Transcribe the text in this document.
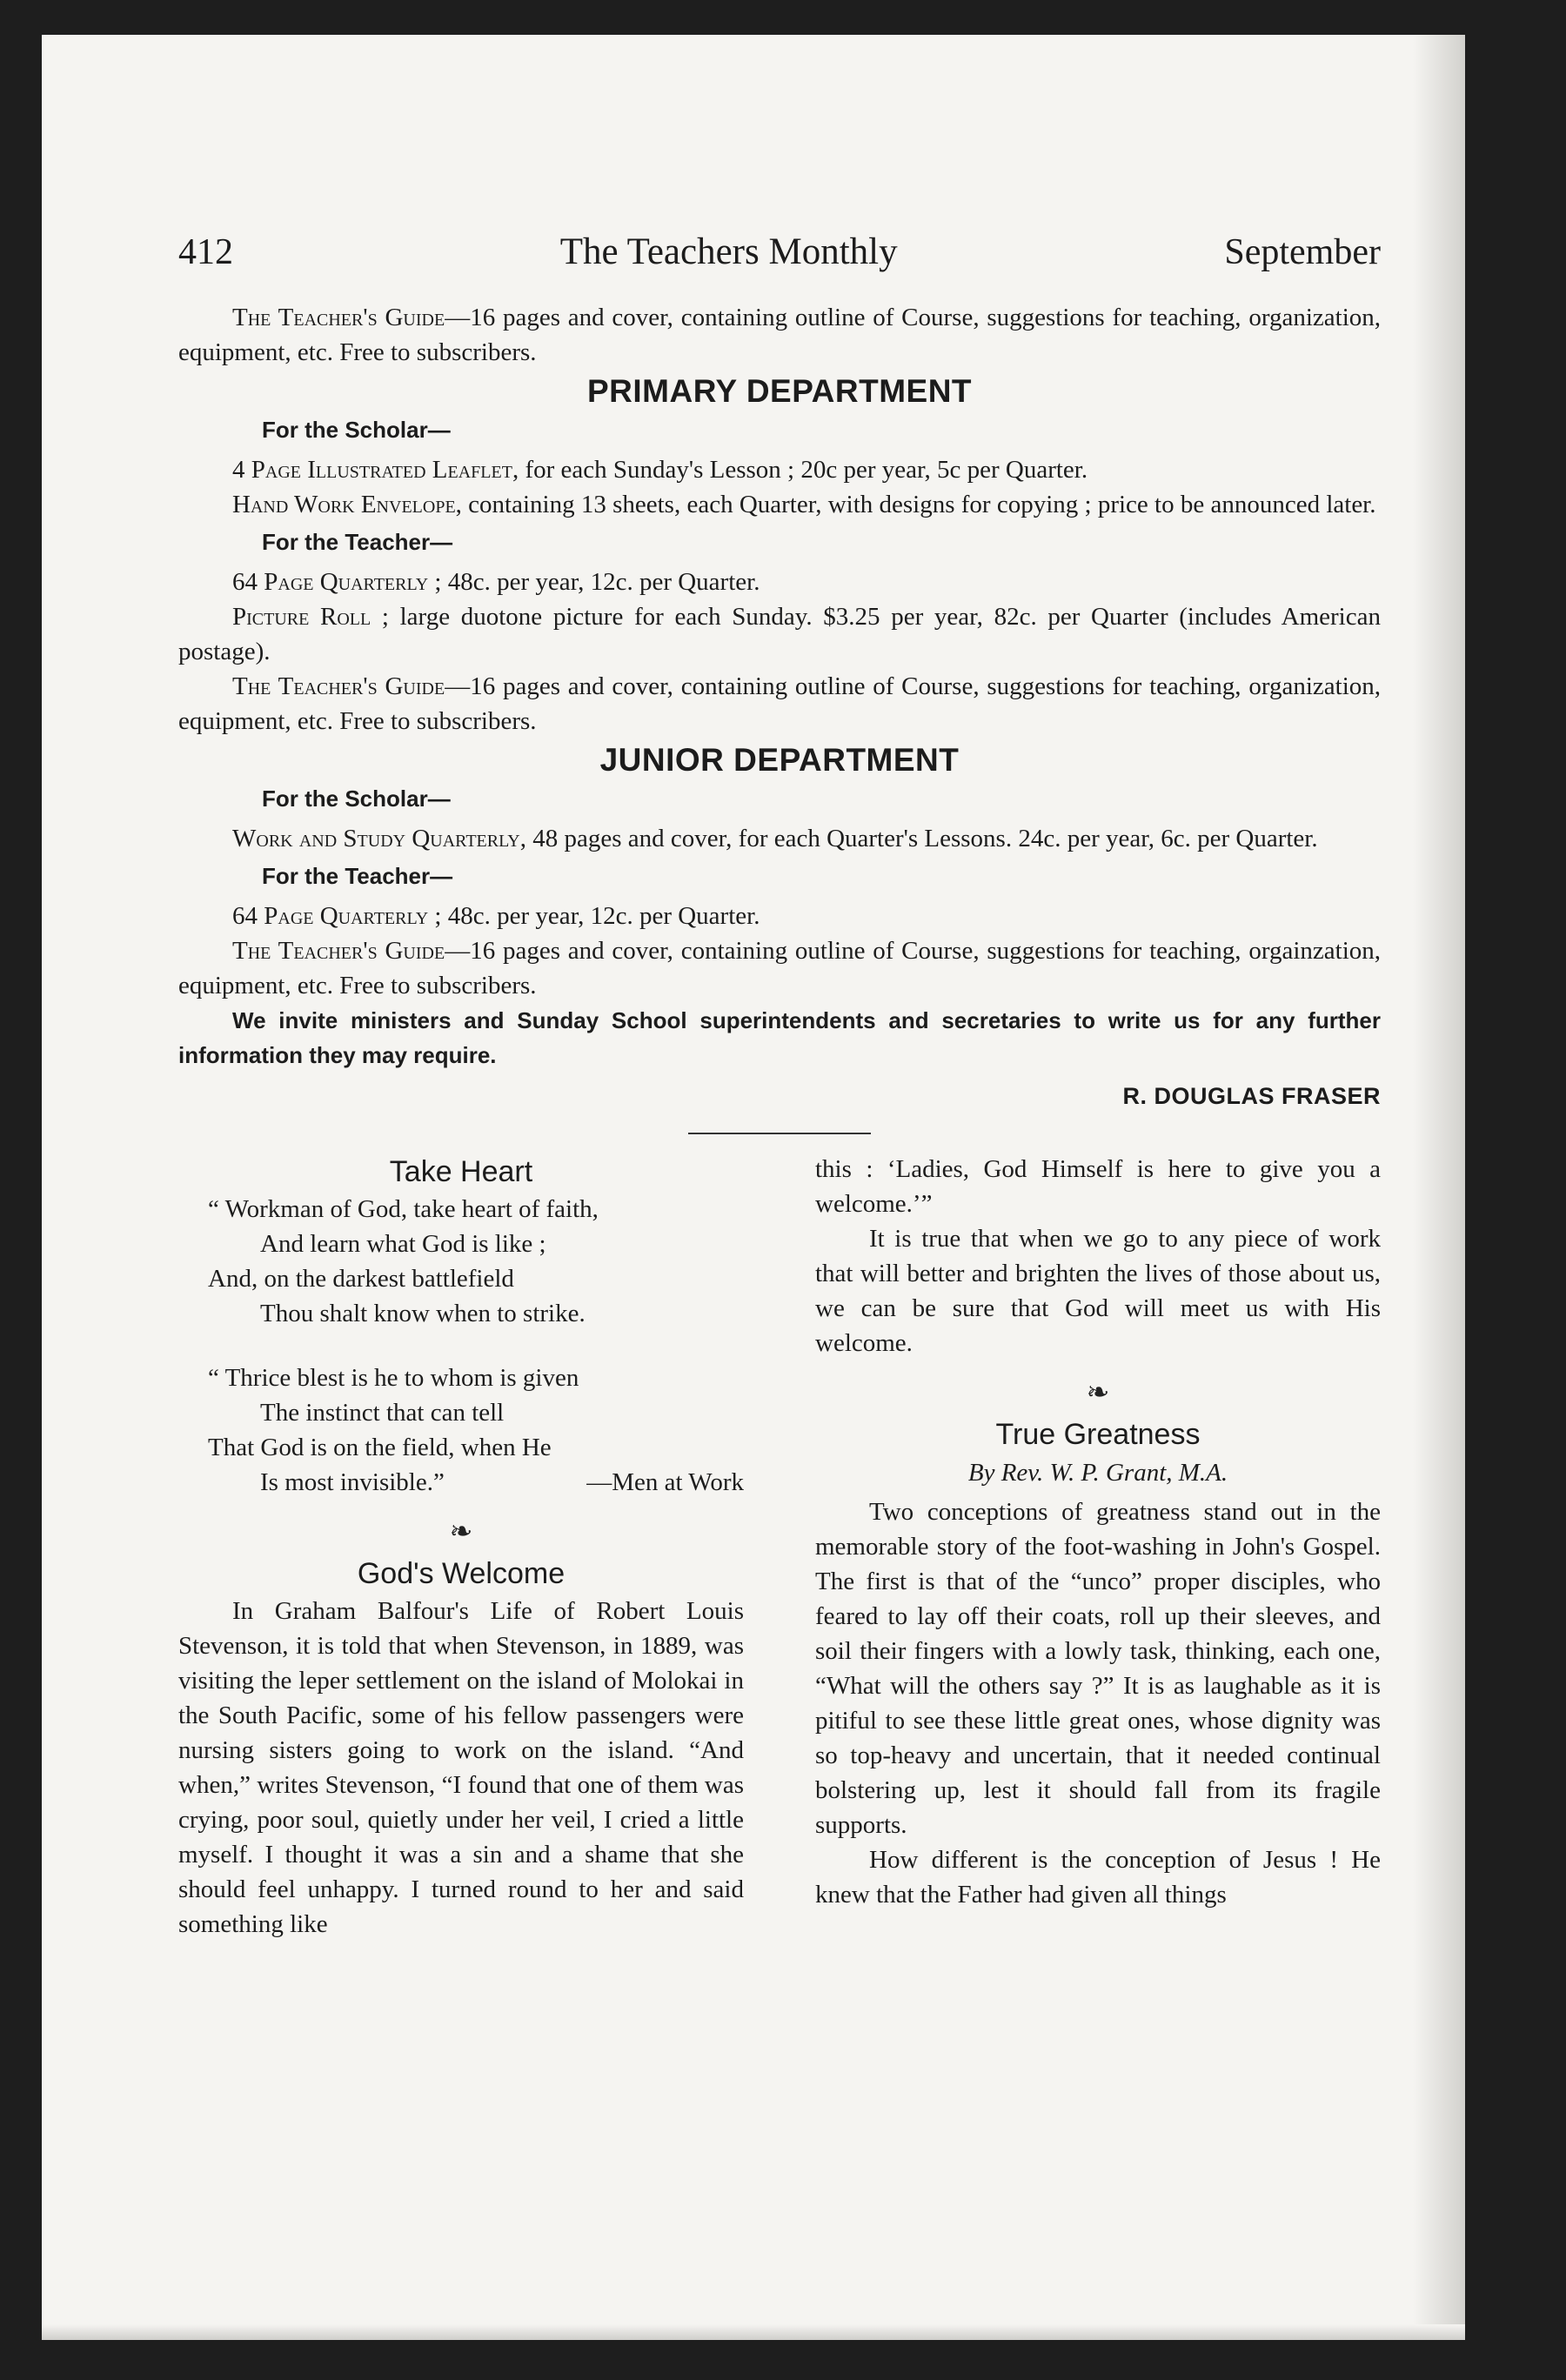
412	The Teachers Monthly	September

The Teacher's Guide—16 pages and cover, containing outline of Course, suggestions for teaching, organization, equipment, etc. Free to subscribers.

PRIMARY DEPARTMENT
For the Scholar—

4 Page Illustrated Leaflet, for each Sunday's Lesson ; 20c per year, 5c per Quarter.

Hand Work Envelope, containing 13 sheets, each Quarter, with designs for copying ; price to be announced later.

For the Teacher—

64 Page Quarterly ; 48c. per year, 12c. per Quarter.

Picture Roll ; large duotone picture for each Sunday. $3.25 per year, 82c. per Quarter (includes American postage).

The Teacher's Guide—16 pages and cover, containing outline of Course, suggestions for teaching, organization, equipment, etc. Free to subscribers.

JUNIOR DEPARTMENT
For the Scholar—

Work and Study Quarterly, 48 pages and cover, for each Quarter's Lessons. 24c. per year, 6c. per Quarter.

For the Teacher—

64 Page Quarterly ; 48c. per year, 12c. per Quarter.

The Teacher's Guide—16 pages and cover, containing outline of Course, suggestions for teaching, orgainzation, equipment, etc. Free to subscribers.

We invite ministers and Sunday School superintendents and secretaries to write us for any further information they may require.
R. DOUGLAS FRASER
Take Heart
“ Workman of God, take heart of faith,
And learn what God is like ;
And, on the darkest battlefield
Thou shalt know when to strike.
“ Thrice blest is he to whom is given
The instinct that can tell
That God is on the field, when He
Is most invisible.”	—Men at Work
❧
God's Welcome

In Graham Balfour's Life of Robert Louis Stevenson, it is told that when Stevenson, in 1889, was visiting the leper settlement on the island of Molokai in the South Pacific, some of his fellow passengers were nursing sisters going to work on the island. “And when,” writes Stevenson, “I found that one of them was crying, poor soul, quietly under her veil, I cried a little myself. I thought it was a sin and a shame that she should feel unhappy. I turned round to her and said something like

this : ‘Ladies, God Himself is here to give you a welcome.’”

It is true that when we go to any piece of work that will better and brighten the lives of those about us, we can be sure that God will meet us with His welcome.

❧
True Greatness
By Rev. W. P. Grant, M.A.

Two conceptions of greatness stand out in the memorable story of the foot-washing in John's Gospel. The first is that of the “unco” proper disciples, who feared to lay off their coats, roll up their sleeves, and soil their fingers with a lowly task, thinking, each one, “What will the others say ?” It is as laughable as it is pitiful to see these little great ones, whose dignity was so top-heavy and uncertain, that it needed continual bolstering up, lest it should fall from its fragile supports.

How different is the conception of Jesus ! He knew that the Father had given all things
